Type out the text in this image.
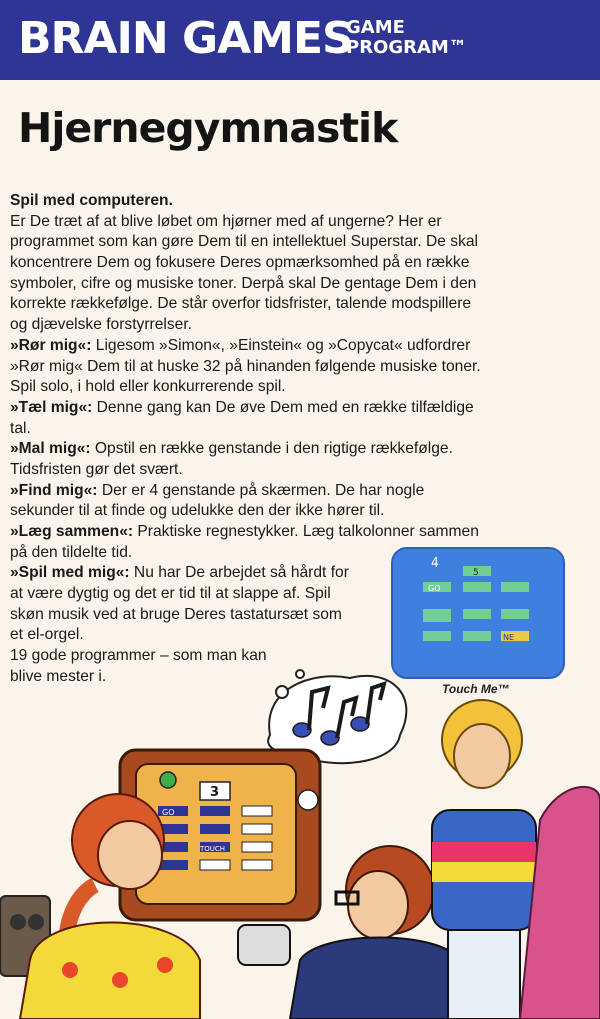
BRAIN GAMES
GAME
PROGRAM™
Hjernegymnastik
Spil med computeren.
Er De træt af at blive løbet om hjørner med af ungerne? Her er
programmet som kan gøre Dem til en intellektuel Superstar. De skal
koncentrere Dem og fokusere Deres opmærksomhed på en række
symboler, cifre og musiske toner. Derpå skal De gentage Dem i den
korrekte rækkefølge. De står overfor tidsfrister, talende modspillere
og djævelske forstyrrelser.
»Rør mig«: Ligesom »Simon«, »Einstein« og »Copycat« udfordrer
»Rør mig« Dem til at huske 32 på hinanden følgende musiske toner.
Spil solo, i hold eller konkurrerende spil.
»Tæl mig«: Denne gang kan De øve Dem med en række tilfældige
tal.
»Mal mig«: Opstil en række genstande i den rigtige rækkefølge.
Tidsfristen gør det svært.
»Find mig«: Der er 4 genstande på skærmen. De har nogle
sekunder til at finde og udelukke den der ikke hører til.
»Læg sammen«: Praktiske regnestykker. Læg talkolonner sammen
på den tildelte tid.
»Spil med mig«: Nu har De arbejdet så hårdt for
at være dygtig og det er tid til at slappe af. Spil
skøn musik ved at bruge Deres tastatursæt som
et el-orgel.
19 gode programmer – som man kan
blive mester i.
4
5
GO
NE
Touch Me™
3
GO
TOUCH
